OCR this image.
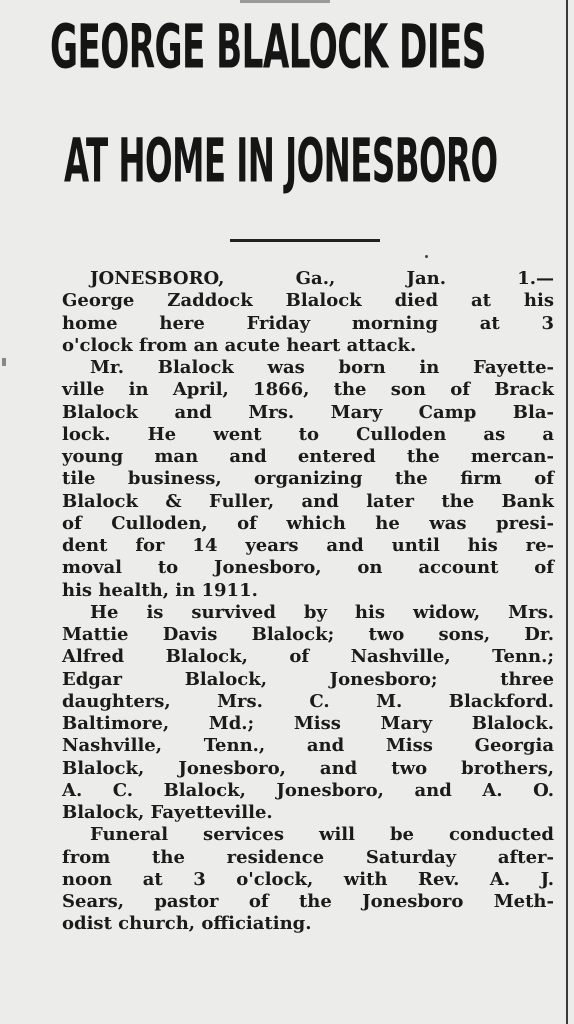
GEORGE BLALOCK DIES
AT HOME IN JONESBORO
JONESBORO, Ga., Jan. 1.—
George Zaddock Blalock died at his
home here Friday morning at 3
o'clock from an acute heart attack.
Mr. Blalock was born in Fayette-
ville in April, 1866, the son of Brack
Blalock and Mrs. Mary Camp Bla-
lock. He went to Culloden as a
young man and entered the mercan-
tile business, organizing the firm of
Blalock & Fuller, and later the Bank
of Culloden, of which he was presi-
dent for 14 years and until his re-
moval to Jonesboro, on account of
his health, in 1911.
He is survived by his widow, Mrs.
Mattie Davis Blalock; two sons, Dr.
Alfred Blalock, of Nashville, Tenn.;
Edgar Blalock, Jonesboro; three
daughters, Mrs. C. M. Blackford.
Baltimore, Md.; Miss Mary Blalock.
Nashville, Tenn., and Miss Georgia
Blalock, Jonesboro, and two brothers,
A. C. Blalock, Jonesboro, and A. O.
Blalock, Fayetteville.
Funeral services will be conducted
from the residence Saturday after-
noon at 3 o'clock, with Rev. A. J.
Sears, pastor of the Jonesboro Meth-
odist church, officiating.
